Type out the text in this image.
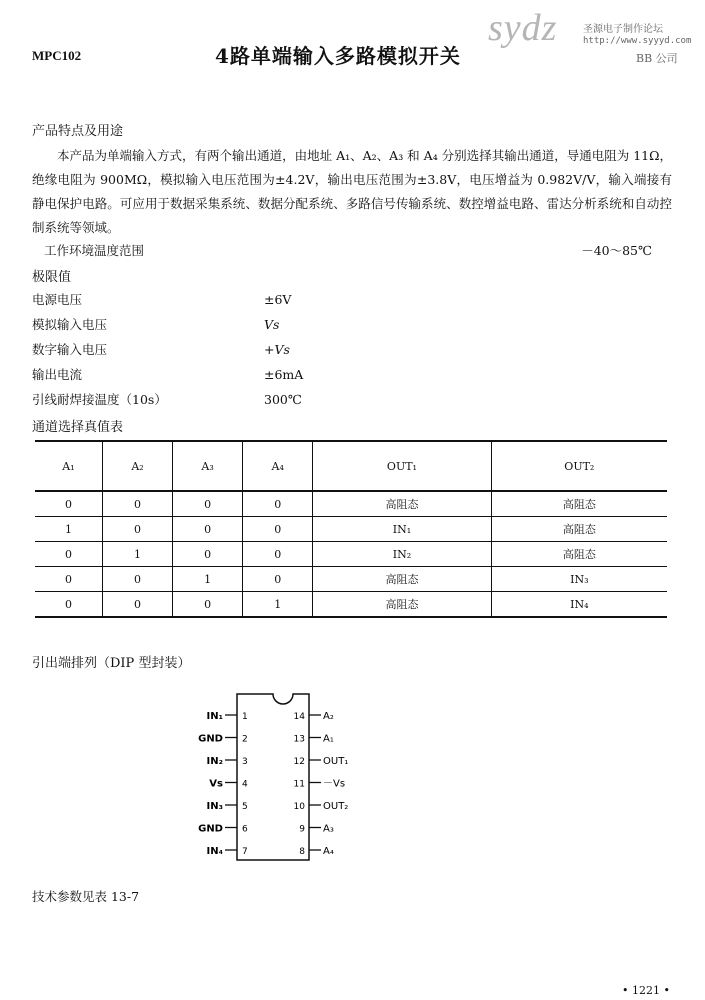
MPC102	4路单端输入多路模拟开关
sydz	圣源电子制作论坛
http://www.syyyd.com
BB 公司
产品特点及用途
本产品为单端输入方式，有两个输出通道，由地址 A₁、A₂、A₃ 和 A₄ 分别选择其输出通道，导通电阻为 11Ω，绝缘电阻为 900MΩ，模拟输入电压范围为±4.2V，输出电压范围为±3.8V，电压增益为 0.982V/V，输入端接有静电保护电路。可应用于数据采集系统、数据分配系统、多路信号传输系统、数控增益电路、雷达分析系统和自动控制系统等领域。
工作环境温度范围	－40～85℃
极限值
电源电压	±6V
模拟输入电压	Vs
数字输入电压	+Vs
输出电流	±6mA
引线耐焊接温度（10s）	300℃
通道选择真值表
A₁	A₂	A₃	A₄	OUT₁	OUT₂
0	0	0	0	高阻态	高阻态
1	0	0	0	IN₁	高阻态
0	1	0	0	IN₂	高阻态
0	0	1	0	高阻态	IN₃
0	0	0	1	高阻态	IN₄
引出端排列（DIP 型封装）
IN₁ 1
GND 2
IN₂ 3
Vs 4
IN₃ 5
GND 6
IN₄ 7
14 A₂
13 A₁
12 OUT₁
11 －Vs
10 OUT₂
9 A₃
8 A₄
技术参数见表 13-7
• 1221 •
